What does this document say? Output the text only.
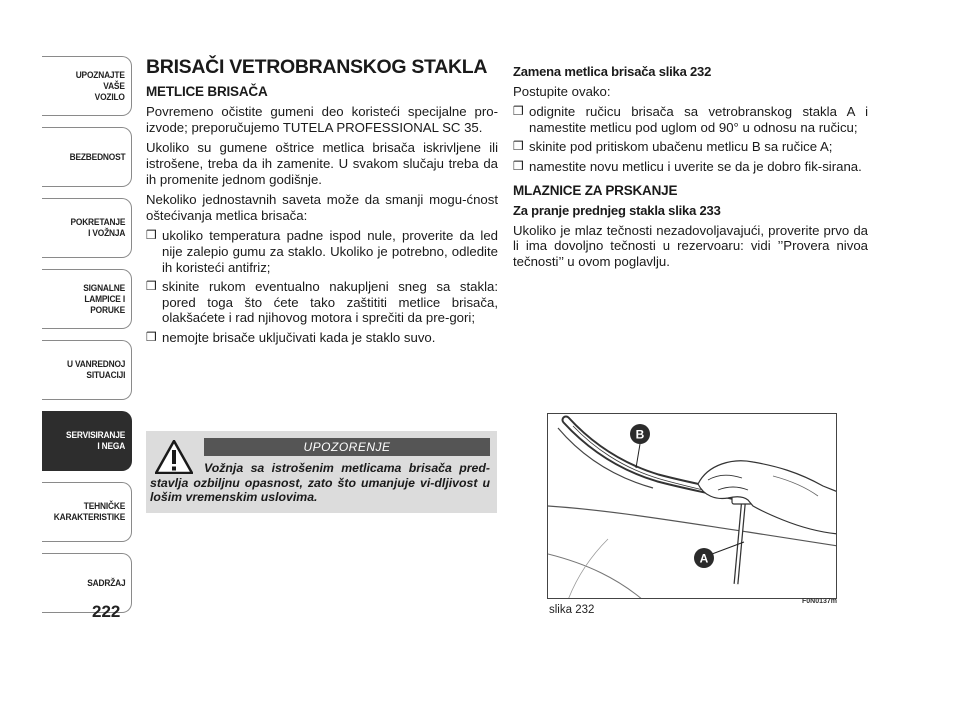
UPOZNAJTE
VAŠE
VOZILO
BEZBEDNOST
POKRETANJE
I VOŽNJA
SIGNALNE
LAMPICE I PORUKE
U VANREDNOJ
SITUACIJI
SERVISIRANJE
I NEGA
TEHNIČKE
KARAKTERISTIKE
SADRŽAJ
222
BRISAČI VETROBRANSKOG STAKLA
METLICE BRISAČA

Povremeno očistite gumeni deo koristeći specijalne pro-izvode; preporučujemo TUTELA PROFESSIONAL SC 35.

Ukoliko su gumene oštrice metlica brisača iskrivljene ili istrošene, treba da ih zamenite. U svakom slučaju treba da ih promenite jednom godišnje.

Nekoliko jednostavnih saveta može da smanji mogu-ćnost oštećivanja metlica brisača:

❒ ukoliko temperatura padne ispod nule, proverite da led nije zalepio gumu za staklo. Ukoliko je potrebno, odledite ih koristeći antifriz;
❒ skinite rukom eventualno nakupljeni sneg sa stakla: pored toga što ćete tako zaštititi metlice brisača, olakšaćete i rad njihovog motora i sprečiti da pre-gori;
❒ nemojte brisače uključivati kada je staklo suvo.
UPOZORENJE
Vožnja sa istrošenim metlicama brisača pred-stavlja ozbiljnu opasnost, zato što umanjuje vi-dljivost u lošim vremenskim uslovima.
Zamena metlica brisača slika 232

Postupite ovako:

❒ odignite ručicu brisača sa vetrobranskog stakla A i namestite metlicu pod uglom od 90° u odnosu na ručicu;
❒ skinite pod pritiskom ubačenu metlicu B sa ručice A;
❒ namestite novu metlicu i uverite se da je dobro fik-sirana.
MLAZNICE ZA PRSKANJE
Za pranje prednjeg stakla slika 233

Ukoliko je mlaz tečnosti nezadovoljavajući, proverite prvo da li ima dovoljno tečnosti u rezervoaru: vidi ’’Provera nivoa tečnosti’’ u ovom poglavlju.

B
A
F0N0137m
slika 232
